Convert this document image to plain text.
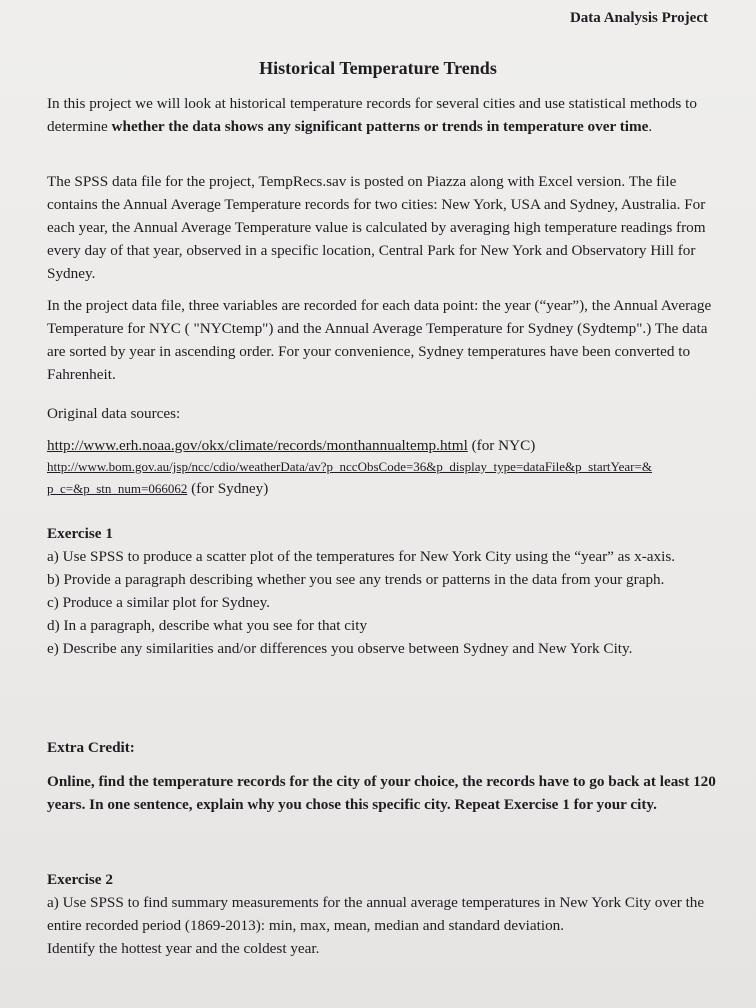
Data Analysis Project
Historical Temperature Trends

In this project we will look at historical temperature records for several cities and use statistical methods to determine whether the data shows any significant patterns or trends in temperature over time.

The SPSS data file for the project, TempRecs.sav is posted on Piazza along with Excel version. The file contains the Annual Average Temperature records for two cities: New York, USA and Sydney, Australia. For each year, the Annual Average Temperature value is calculated by averaging high temperature readings from every day of that year, observed in a specific location, Central Park for New York and Observatory Hill for Sydney.

In the project data file, three variables are recorded for each data point: the year (“year”), the Annual Average Temperature for NYC ( "NYCtemp") and the Annual Average Temperature for Sydney (Sydtemp".) The data are sorted by year in ascending order. For your convenience, Sydney temperatures have been converted to Fahrenheit.

Original data sources:

http://www.erh.noaa.gov/okx/climate/records/monthannualtemp.html (for NYC)

http://www.bom.gov.au/jsp/ncc/cdio/weatherData/av?p_nccObsCode=36&p_display_type=dataFile&p_startYear=&

p_c=&p_stn_num=066062 (for Sydney)

Exercise 1

a) Use SPSS to produce a scatter plot of the temperatures for New York City using the “year” as x-axis.
b) Provide a paragraph describing whether you see any trends or patterns in the data from your graph.
c) Produce a similar plot for Sydney.
d) In a paragraph, describe what you see for that city
e) Describe any similarities and/or differences you observe between Sydney and New York City.

Extra Credit:

Online, find the temperature records for the city of your choice, the records have to go back at least 120 years. In one sentence, explain why you chose this specific city. Repeat Exercise 1 for your city.

Exercise 2

a) Use SPSS to find summary measurements for the annual average temperatures in New York City over the entire recorded period (1869-2013): min, max, mean, median and standard deviation.

Identify the hottest year and the coldest year.
